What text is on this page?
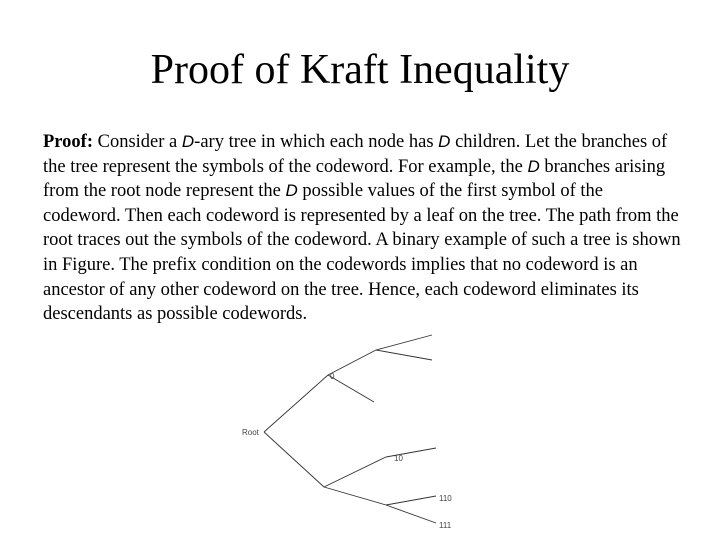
Proof of Kraft Inequality

Proof: Consider a D-ary tree in which each node has D children. Let the branches of the tree represent the symbols of the codeword. For example, the D branches arising from the root node represent the D possible values of the first symbol of the codeword. Then each codeword is represented by a leaf on the tree. The path from the root traces out the symbols of the codeword. A binary example of such a tree is shown in Figure. The prefix condition on the codewords implies that no codeword is an ancestor of any other codeword on the tree. Hence, each codeword eliminates its descendants as possible codewords.

Root
0
10
110
111
